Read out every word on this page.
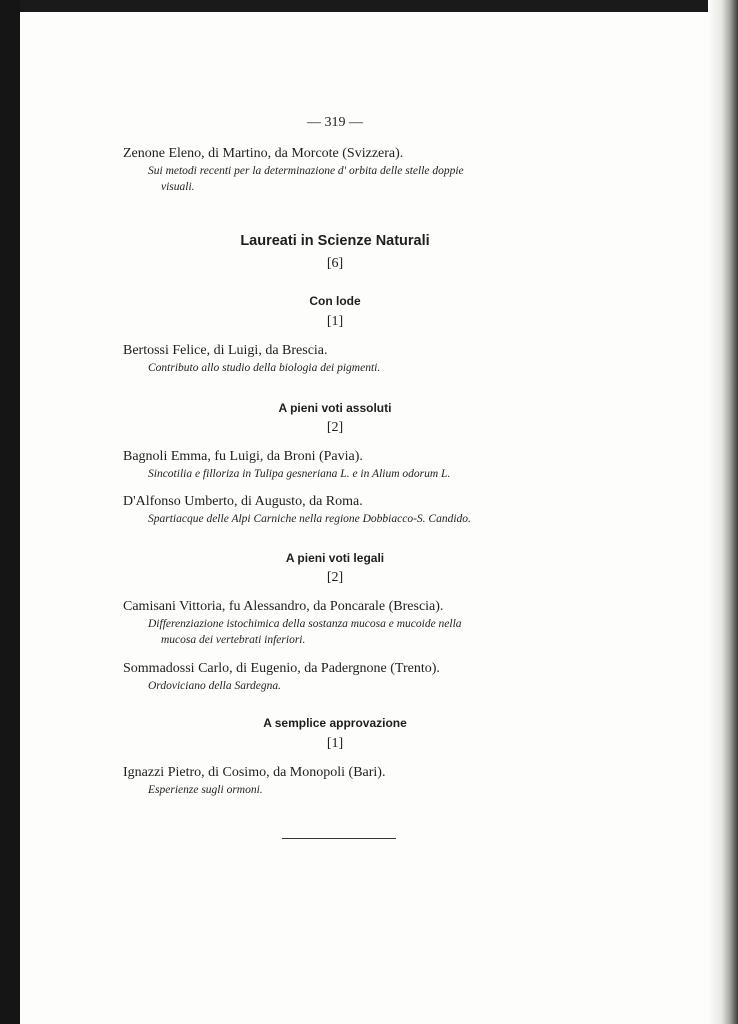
— 319 —
Zenone Eleno, di Martino, da Morcote (Svizzera).
Sui metodi recenti per la determinazione d' orbita delle stelle doppie
visuali.
Laureati in Scienze Naturali
[6]
Con lode
[1]
Bertossi Felice, di Luigi, da Brescia.
Contributo allo studio della biologia dei pigmenti.
A pieni voti assoluti
[2]
Bagnoli Emma, fu Luigi, da Broni (Pavia).
Sincotilia e filloriza in Tulipa gesneriana L. e in Alium odorum L.
D'Alfonso Umberto, di Augusto, da Roma.
Spartiacque delle Alpi Carniche nella regione Dobbiacco-S. Candido.
A pieni voti legali
[2]
Camisani Vittoria, fu Alessandro, da Poncarale (Brescia).
Differenziazione istochimica della sostanza mucosa e mucoide nella
mucosa dei vertebrati inferiori.
Sommadossi Carlo, di Eugenio, da Padergnone (Trento).
Ordoviciano della Sardegna.
A semplice approvazione
[1]
Ignazzi Pietro, di Cosimo, da Monopoli (Bari).
Esperienze sugli ormoni.
